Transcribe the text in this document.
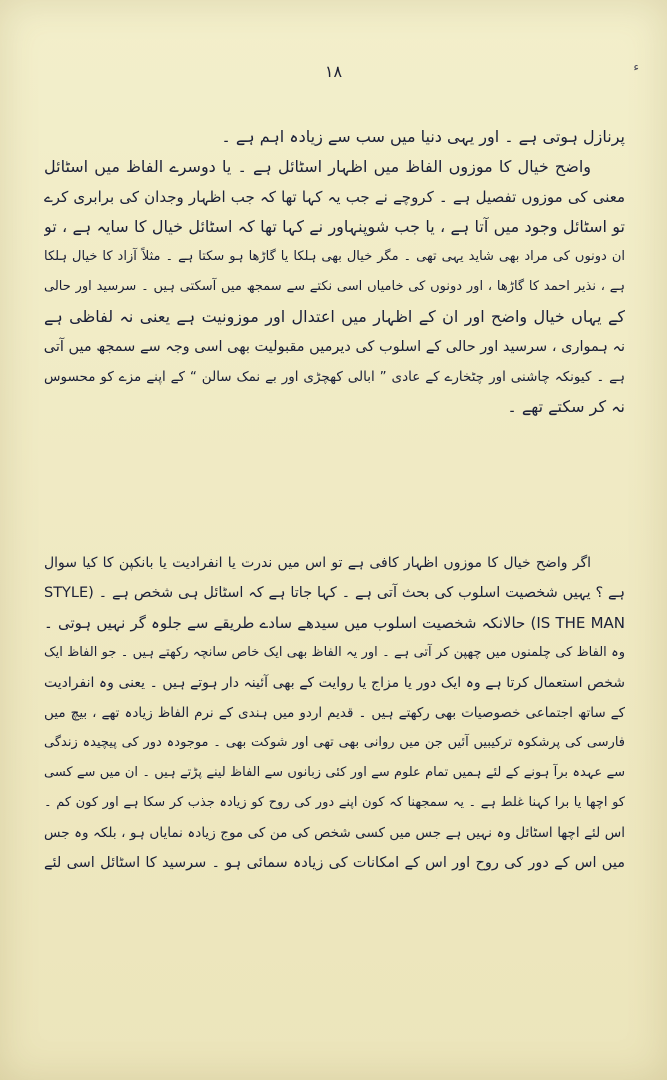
۱۸	ء
پرنازل ہوتی ہے ۔ اور یہی دنیا میں سب سے زیادہ اہم ہے ۔
واضح خیال کا موزوں الفاظ میں اظہار اسٹائل ہے ۔ یا دوسرے الفاظ میں اسٹائل
معنی کی موزوں تفصیل ہے ۔ کروچے نے جب یہ کہا تھا کہ جب اظہار وجدان کی برابری کرے
تو اسٹائل وجود میں آتا ہے ، یا جب شوپنہاور نے کہا تھا کہ اسٹائل خیال کا سایہ ہے ، تو
ان دونوں کی مراد بھی شاید یہی تھی ۔ مگر خیال بھی ہلکا یا گاڑھا ہو سکتا ہے ۔ مثلاً آزاد کا خیال ہلکا
ہے ، نذیر احمد کا گاڑھا ، اور دونوں کی خامیاں اسی نکتے سے سمجھ میں آسکتی ہیں ۔ سرسید اور حالی
کے یہاں خیال واضح اور ان کے اظہار میں اعتدال اور موزونیت ہے یعنی نہ لفاظی ہے
نہ ہمواری ، سرسید اور حالی کے اسلوب کی دیرمیں مقبولیت بھی اسی وجہ سے سمجھ میں آتی
ہے ۔ کیونکہ چاشنی اور چٹخارے کے عادی ” ابالی کھچڑی اور بے نمک سالن “ کے اپنے مزے کو محسوس
نہ کر سکتے تھے ۔
اگر واضح خیال کا موزوں اظہار کافی ہے تو اس میں ندرت یا انفرادیت یا بانکپن کا کیا سوال
ہے ؟ یہیں شخصیت اسلوب کی بحث آتی ہے ۔ کہا جاتا ہے کہ اسٹائل ہی شخص ہے ۔ (STYLE
IS THE MAN) حالانکہ شخصیت اسلوب میں سیدھے سادے طریقے سے جلوہ گر نہیں ہوتی ۔
وہ الفاظ کی چلمنوں میں چھپن کر آتی ہے ۔ اور یہ الفاظ بھی ایک خاص سانچہ رکھتے ہیں ۔ جو الفاظ ایک
شخص استعمال کرتا ہے وہ ایک دور یا مزاج یا روایت کے بھی آئینہ دار ہوتے ہیں ۔ یعنی وہ انفرادیت
کے ساتھ اجتماعی خصوصیات بھی رکھتے ہیں ۔ قدیم اردو میں ہندی کے نرم الفاظ زیادہ تھے ، بیچ میں
فارسی کی پرشکوہ ترکیبیں آئیں جن میں روانی بھی تھی اور شوکت بھی ۔ موجودہ دور کی پیچیدہ زندگی
سے عہدہ برآ ہونے کے لئے ہمیں تمام علوم سے اور کئی زبانوں سے الفاظ لینے پڑتے ہیں ۔ ان میں سے کسی
کو اچھا یا برا کہنا غلط ہے ۔ یہ سمجھنا کہ کون اپنے دور کی روح کو زیادہ جذب کر سکا ہے اور کون کم ۔
اس لئے اچھا اسٹائل وہ نہیں ہے جس میں کسی شخص کی من کی موج زیادہ نمایاں ہو ، بلکہ وہ جس
میں اس کے دور کی روح اور اس کے امکانات کی زیادہ سمائی ہو ۔ سرسید کا اسٹائل اسی لئے
